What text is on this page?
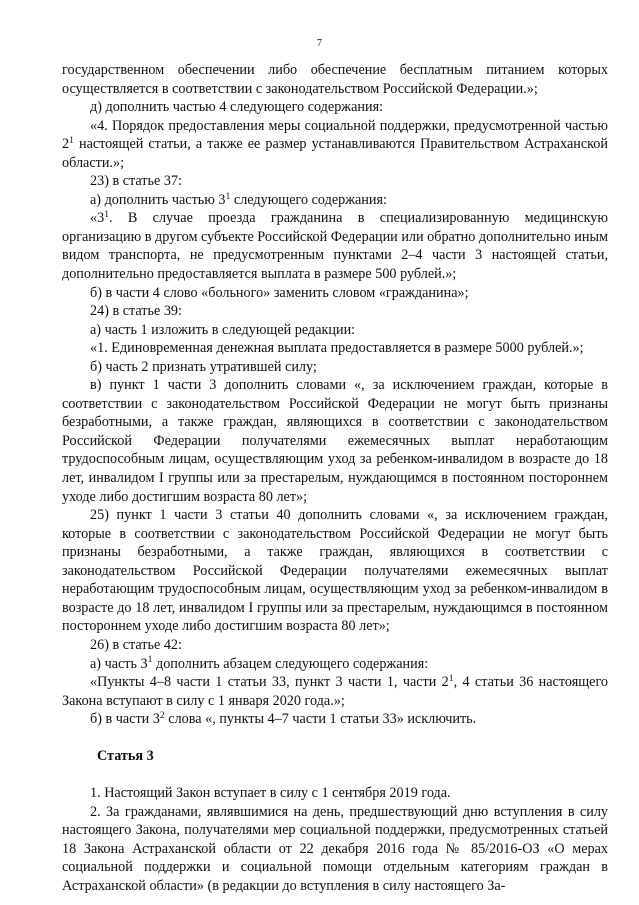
7

государственном обеспечении либо обеспечение бесплатным питанием которых осуществляется в соответствии с законодательством Российской Федерации.»;

д) дополнить частью 4 следующего содержания:

«4. Порядок предоставления меры социальной поддержки, предусмотренной частью $2^1$ настоящей статьи, а также ее размер устанавливаются Правительством Астраханской области.»;

23) в статье 37:

а) дополнить частью $3^1$ следующего содержания:

«$3^1$. В случае проезда гражданина в специализированную медицинскую организацию в другом субъекте Российской Федерации или обратно дополнительно иным видом транспорта, не предусмотренным пунктами 2–4 части 3 настоящей статьи, дополнительно предоставляется выплата в размере 500 рублей.»;

б) в части 4 слово «больного» заменить словом «гражданина»;

24) в статье 39:

а) часть 1 изложить в следующей редакции:

«1. Единовременная денежная выплата предоставляется в размере 5000 рублей.»;

б) часть 2 признать утратившей силу;

в) пункт 1 части 3 дополнить словами «, за исключением граждан, которые в соответствии с законодательством Российской Федерации не могут быть признаны безработными, а также граждан, являющихся в соответствии с законодательством Российской Федерации получателями ежемесячных выплат неработающим трудоспособным лицам, осуществляющим уход за ребенком-инвалидом в возрасте до 18 лет, инвалидом I группы или за престарелым, нуждающимся в постоянном постороннем уходе либо достигшим возраста 80 лет»;

25) пункт 1 части 3 статьи 40 дополнить словами «, за исключением граждан, которые в соответствии с законодательством Российской Федерации не могут быть признаны безработными, а также граждан, являющихся в соответствии с законодательством Российской Федерации получателями ежемесячных выплат неработающим трудоспособным лицам, осуществляющим уход за ребенком-инвалидом в возрасте до 18 лет, инвалидом I группы или за престарелым, нуждающимся в постоянном постороннем уходе либо достигшим возраста 80 лет»;

26) в статье 42:

а) часть $3^1$ дополнить абзацем следующего содержания:

«Пункты 4–8 части 1 статьи 33, пункт 3 части 1, части $2^1$, 4 статьи 36 настоящего Закона вступают в силу с 1 января 2020 года.»;

б) в части $3^2$ слова «, пункты 4–7 части 1 статьи 33» исключить.

Статья 3

1. Настоящий Закон вступает в силу с 1 сентября 2019 года.

2. За гражданами, являвшимися на день, предшествующий дню вступления в силу настоящего Закона, получателями мер социальной поддержки, предусмотренных статьей 18 Закона Астраханской области от 22 декабря 2016 года № 85/2016-ОЗ «О мерах социальной поддержки и социальной помощи отдельным категориям граждан в Астраханской области» (в редакции до вступления в силу настоящего За-
